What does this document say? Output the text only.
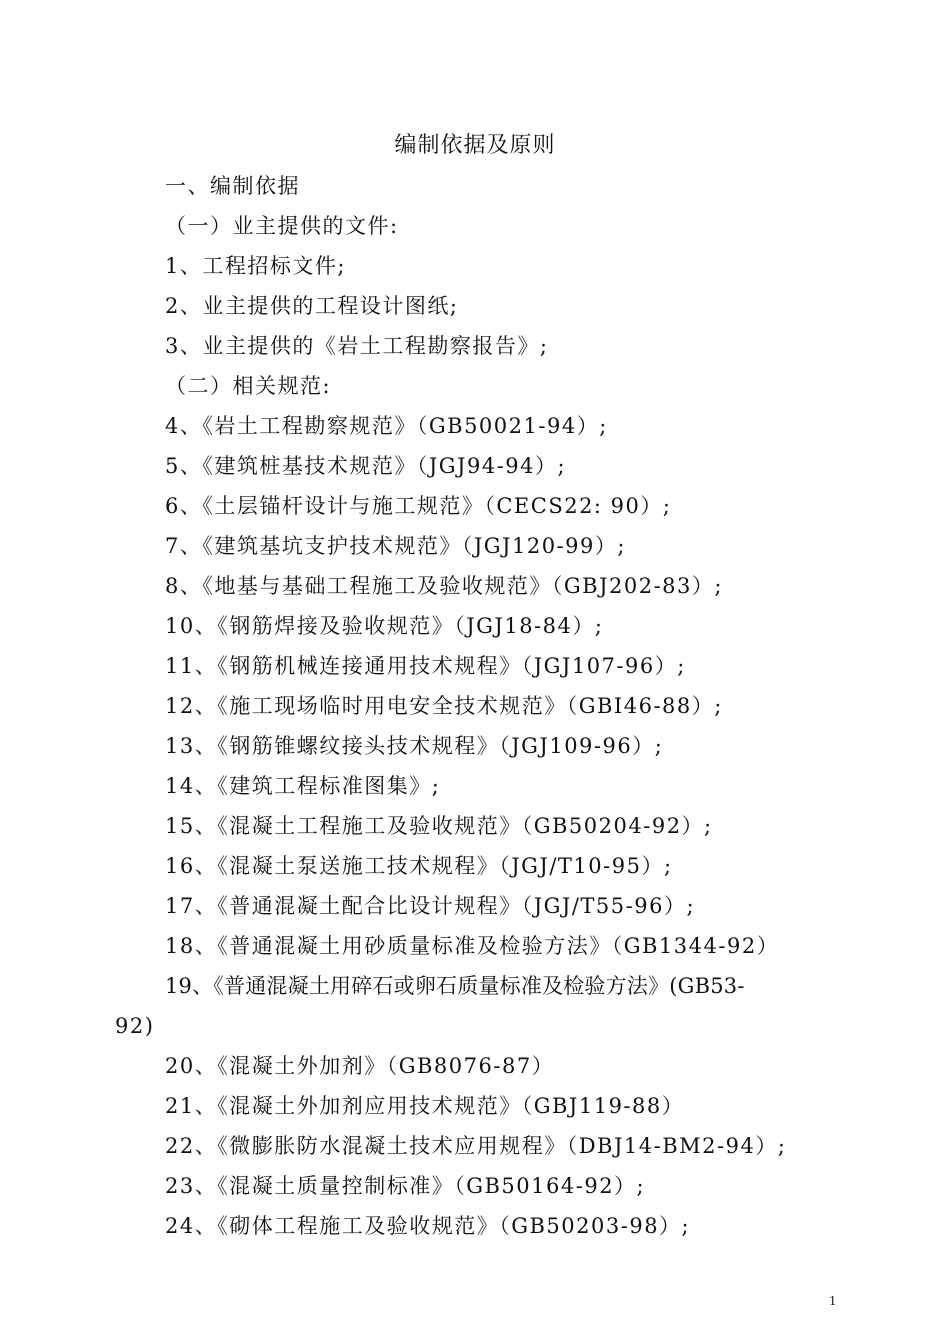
编制依据及原则
一、编制依据
（一）业主提供的文件:
1、工程招标文件;
2、业主提供的工程设计图纸;
3、业主提供的《岩土工程勘察报告》;
（二）相关规范:
4、《岩土工程勘察规范》（GB50021-94）;
5、《建筑桩基技术规范》（JGJ94-94）;
6、《土层锚杆设计与施工规范》（CECS22: 90）;
7、《建筑基坑支护技术规范》（JGJ120-99）;
8、《地基与基础工程施工及验收规范》（GBJ202-83）;
10、《钢筋焊接及验收规范》（JGJ18-84）;
11、《钢筋机械连接通用技术规程》（JGJ107-96）;
12、《施工现场临时用电安全技术规范》（GBI46-88）;
13、《钢筋锥螺纹接头技术规程》（JGJ109-96）;
14、《建筑工程标准图集》;
15、《混凝土工程施工及验收规范》（GB50204-92）;
16、《混凝土泵送施工技术规程》（JGJ/T10-95）;
17、《普通混凝土配合比设计规程》（JGJ/T55-96）;
18、《普通混凝土用砂质量标准及检验方法》（GB1344-92）
19、《普通混凝土用碎石或卵石质量标准及检验方法》(GB53-
92)
20、《混凝土外加剂》（GB8076-87）
21、《混凝土外加剂应用技术规范》（GBJ119-88）
22、《微膨胀防水混凝土技术应用规程》（DBJ14-BM2-94）;
23、《混凝土质量控制标准》（GB50164-92）;
24、《砌体工程施工及验收规范》（GB50203-98）;
1
